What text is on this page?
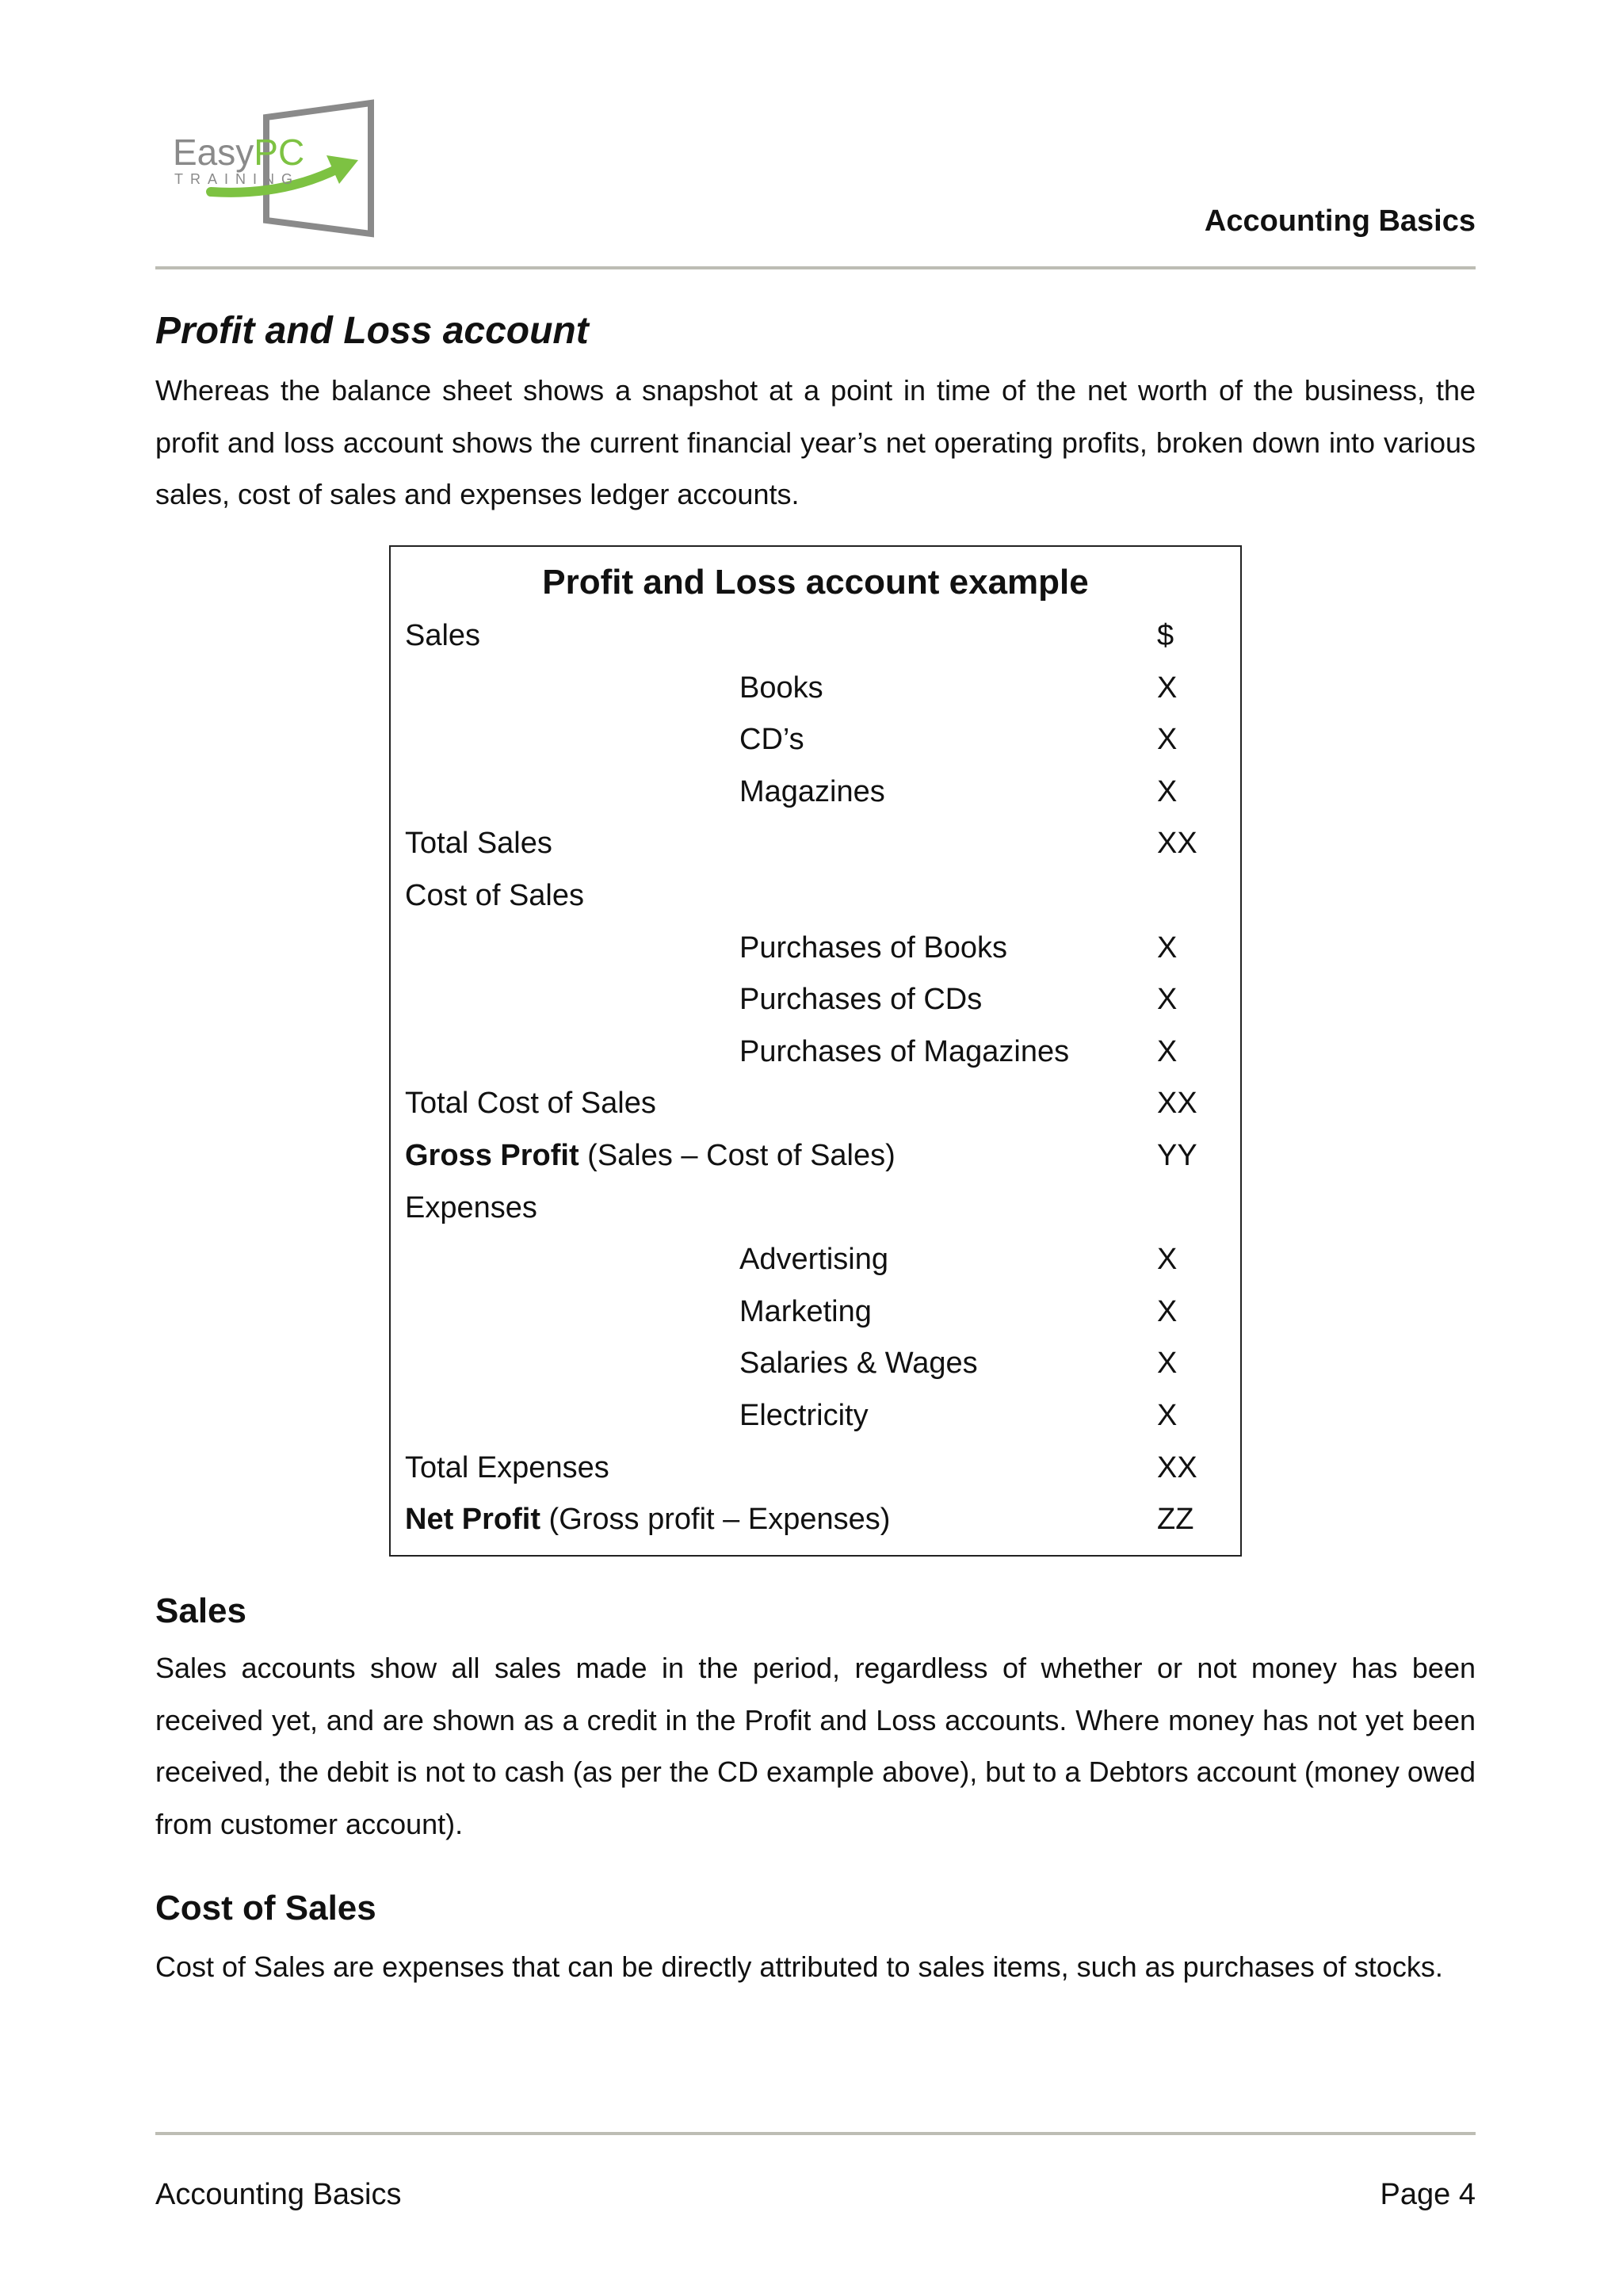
EasyPC
TRAINING
Accounting Basics
Profit and Loss account

Whereas the balance sheet shows a snapshot at a point in time of the net worth of the business, the profit and loss account shows the current financial year’s net operating profits, broken down into various sales, cost of sales and expenses ledger accounts.

Profit and Loss account example
Sales	$
Books	X
CD’s	X
Magazines	X
Total Sales	XX
Cost of Sales
Purchases of Books	X
Purchases of CDs	X
Purchases of Magazines	X
Total Cost of Sales	XX
Gross Profit (Sales – Cost of Sales)	YY
Expenses
Advertising	X
Marketing	X
Salaries & Wages	X
Electricity	X
Total Expenses	XX
Net Profit (Gross profit – Expenses)	ZZ
Sales

Sales accounts show all sales made in the period, regardless of whether or not money has been received yet, and are shown as a credit in the Profit and Loss accounts. Where money has not yet been received, the debit is not to cash (as per the CD example above), but to a Debtors account (money owed from customer account).

Cost of Sales

Cost of Sales are expenses that can be directly attributed to sales items, such as purchases of stocks.

Accounting Basics	Page 4
